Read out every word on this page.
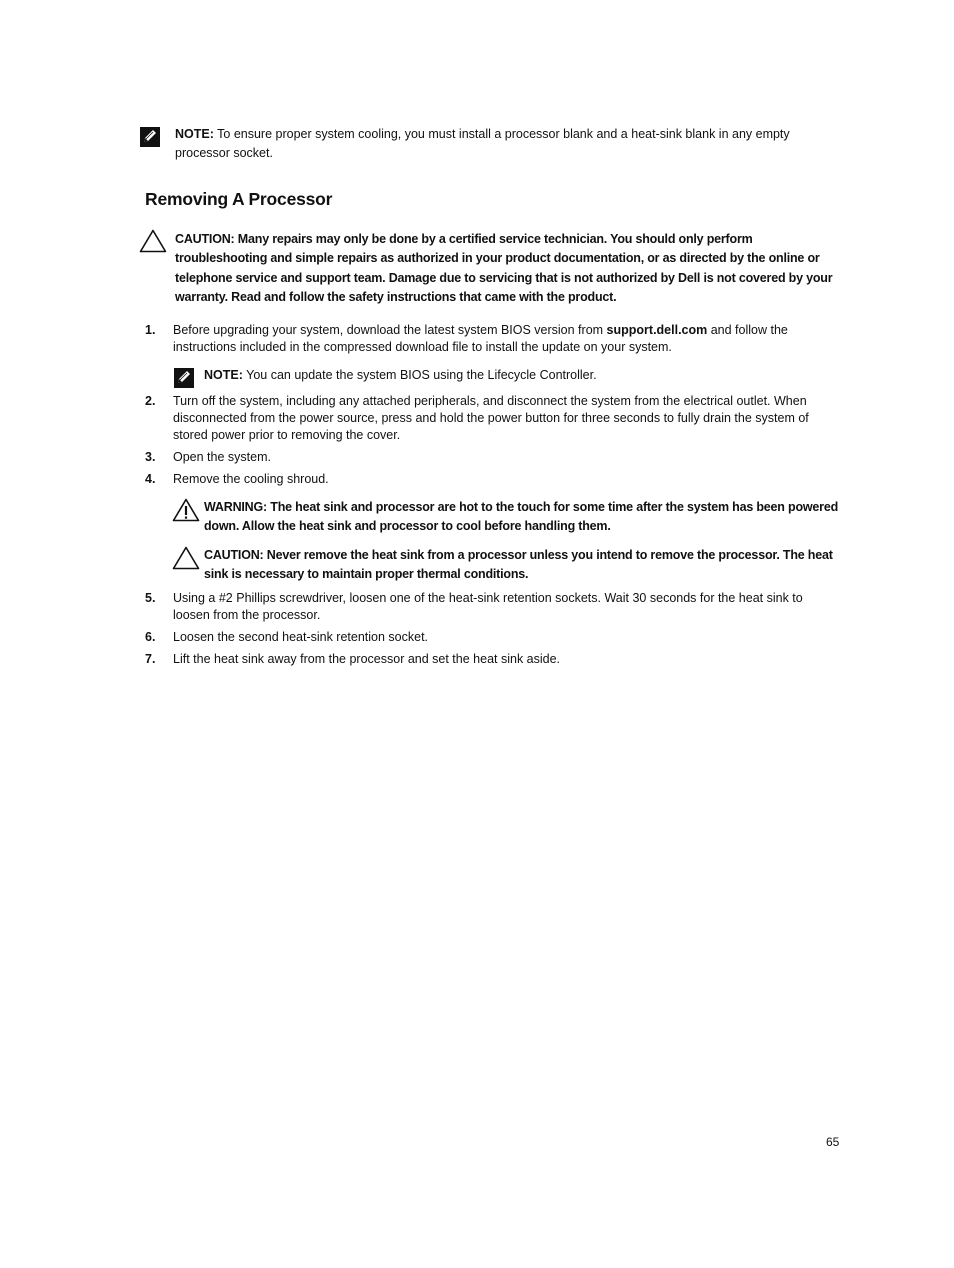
NOTE: To ensure proper system cooling, you must install a processor blank and a heat-sink blank in any empty processor socket.
Removing A Processor
CAUTION: Many repairs may only be done by a certified service technician. You should only perform troubleshooting and simple repairs as authorized in your product documentation, or as directed by the online or telephone service and support team. Damage due to servicing that is not authorized by Dell is not covered by your warranty. Read and follow the safety instructions that came with the product.
1. Before upgrading your system, download the latest system BIOS version from support.dell.com and follow the instructions included in the compressed download file to install the update on your system.
NOTE: You can update the system BIOS using the Lifecycle Controller.
2. Turn off the system, including any attached peripherals, and disconnect the system from the electrical outlet. When disconnected from the power source, press and hold the power button for three seconds to fully drain the system of stored power prior to removing the cover.
3. Open the system.
4. Remove the cooling shroud.
WARNING: The heat sink and processor are hot to the touch for some time after the system has been powered down. Allow the heat sink and processor to cool before handling them.
CAUTION: Never remove the heat sink from a processor unless you intend to remove the processor. The heat sink is necessary to maintain proper thermal conditions.
5. Using a #2 Phillips screwdriver, loosen one of the heat-sink retention sockets. Wait 30 seconds for the heat sink to loosen from the processor.
6. Loosen the second heat-sink retention socket.
7. Lift the heat sink away from the processor and set the heat sink aside.
65
